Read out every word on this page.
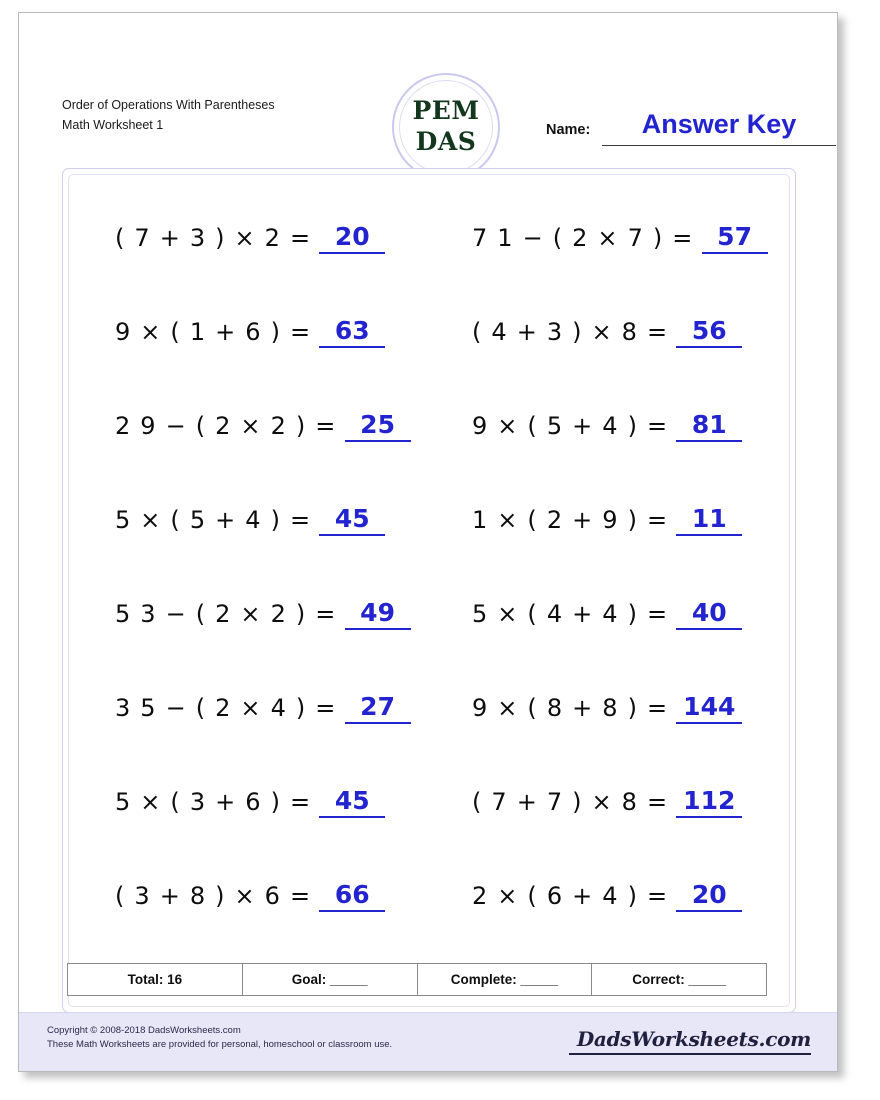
Order of Operations With Parentheses
Math Worksheet 1	PEM
DAS	Name:	Answer Key
( 7 + 3 ) × 2 = 20	7 1 − ( 2 × 7 ) = 57
9 × ( 1 + 6 ) = 63	( 4 + 3 ) × 8 = 56
2 9 − ( 2 × 2 ) = 25	9 × ( 5 + 4 ) = 81
5 × ( 5 + 4 ) = 45	1 × ( 2 + 9 ) = 11
5 3 − ( 2 × 2 ) = 49	5 × ( 4 + 4 ) = 40
3 5 − ( 2 × 4 ) = 27	9 × ( 8 + 8 ) = 144
5 × ( 3 + 6 ) = 45	( 7 + 7 ) × 8 = 112
( 3 + 8 ) × 6 = 66	2 × ( 6 + 4 ) = 20
Total: 16	Goal: _____	Complete: _____	Correct: _____
Copyright © 2008-2018 DadsWorksheets.com
These Math Worksheets are provided for personal, homeschool or classroom use.	DadsWorksheets.com
